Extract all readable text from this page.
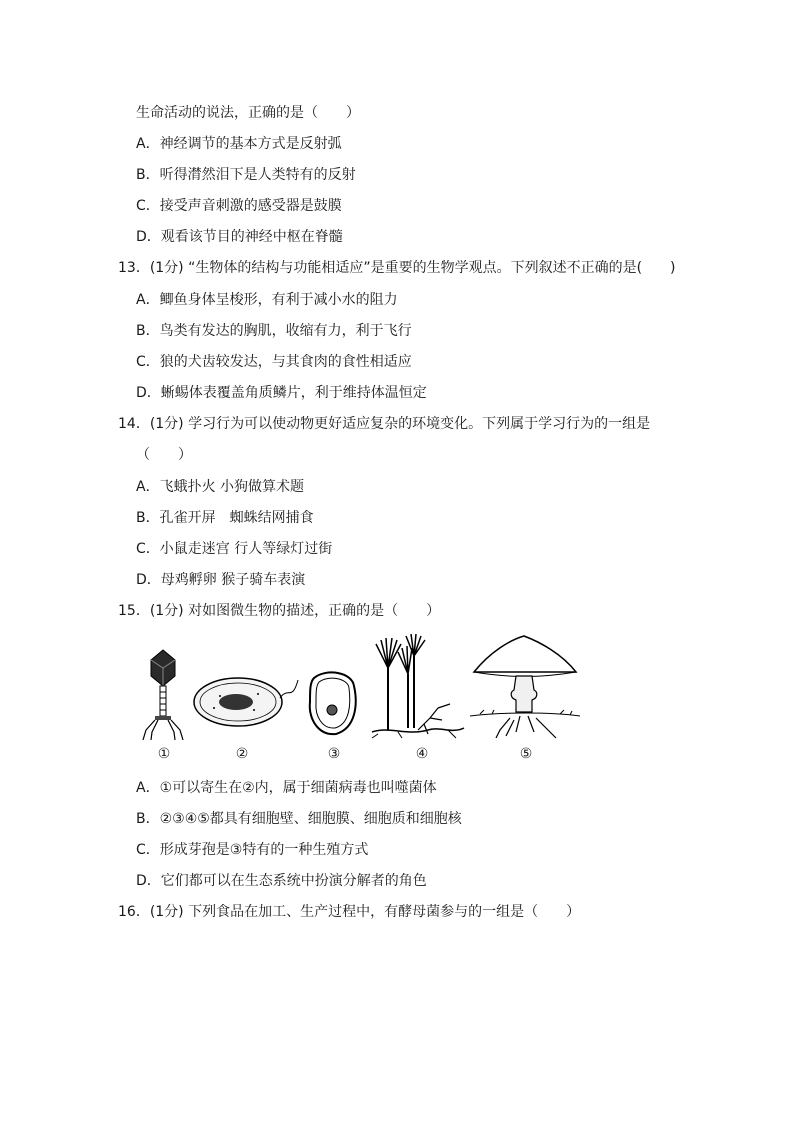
生命活动的说法，正确的是（　　）
A．神经调节的基本方式是反射弧
B．听得潸然泪下是人类特有的反射
C．接受声音刺激的感受器是鼓膜
D．观看该节目的神经中枢在脊髓
13．(1分) “生物体的结构与功能相适应”是重要的生物学观点。下列叙述不正确的是(　　)
A．鲫鱼身体呈梭形，有利于减小水的阻力
B．鸟类有发达的胸肌，收缩有力，利于飞行
C．狼的犬齿较发达，与其食肉的食性相适应
D．蜥蜴体表覆盖角质鳞片，利于维持体温恒定
14．(1分) 学习行为可以使动物更好适应复杂的环境变化。下列属于学习行为的一组是
（　　）
A．飞蛾扑火 小狗做算术题
B．孔雀开屏　蜘蛛结网捕食
C．小鼠走迷宫 行人等绿灯过街
D．母鸡孵卵 猴子骑车表演
15．(1分) 对如图微生物的描述，正确的是（　　）
①	②	③	④	⑤
A．①可以寄生在②内，属于细菌病毒也叫噬菌体
B．②③④⑤都具有细胞壁、细胞膜、细胞质和细胞核
C．形成芽孢是③特有的一种生殖方式
D．它们都可以在生态系统中扮演分解者的角色
16．(1分) 下列食品在加工、生产过程中，有酵母菌参与的一组是（　　）
